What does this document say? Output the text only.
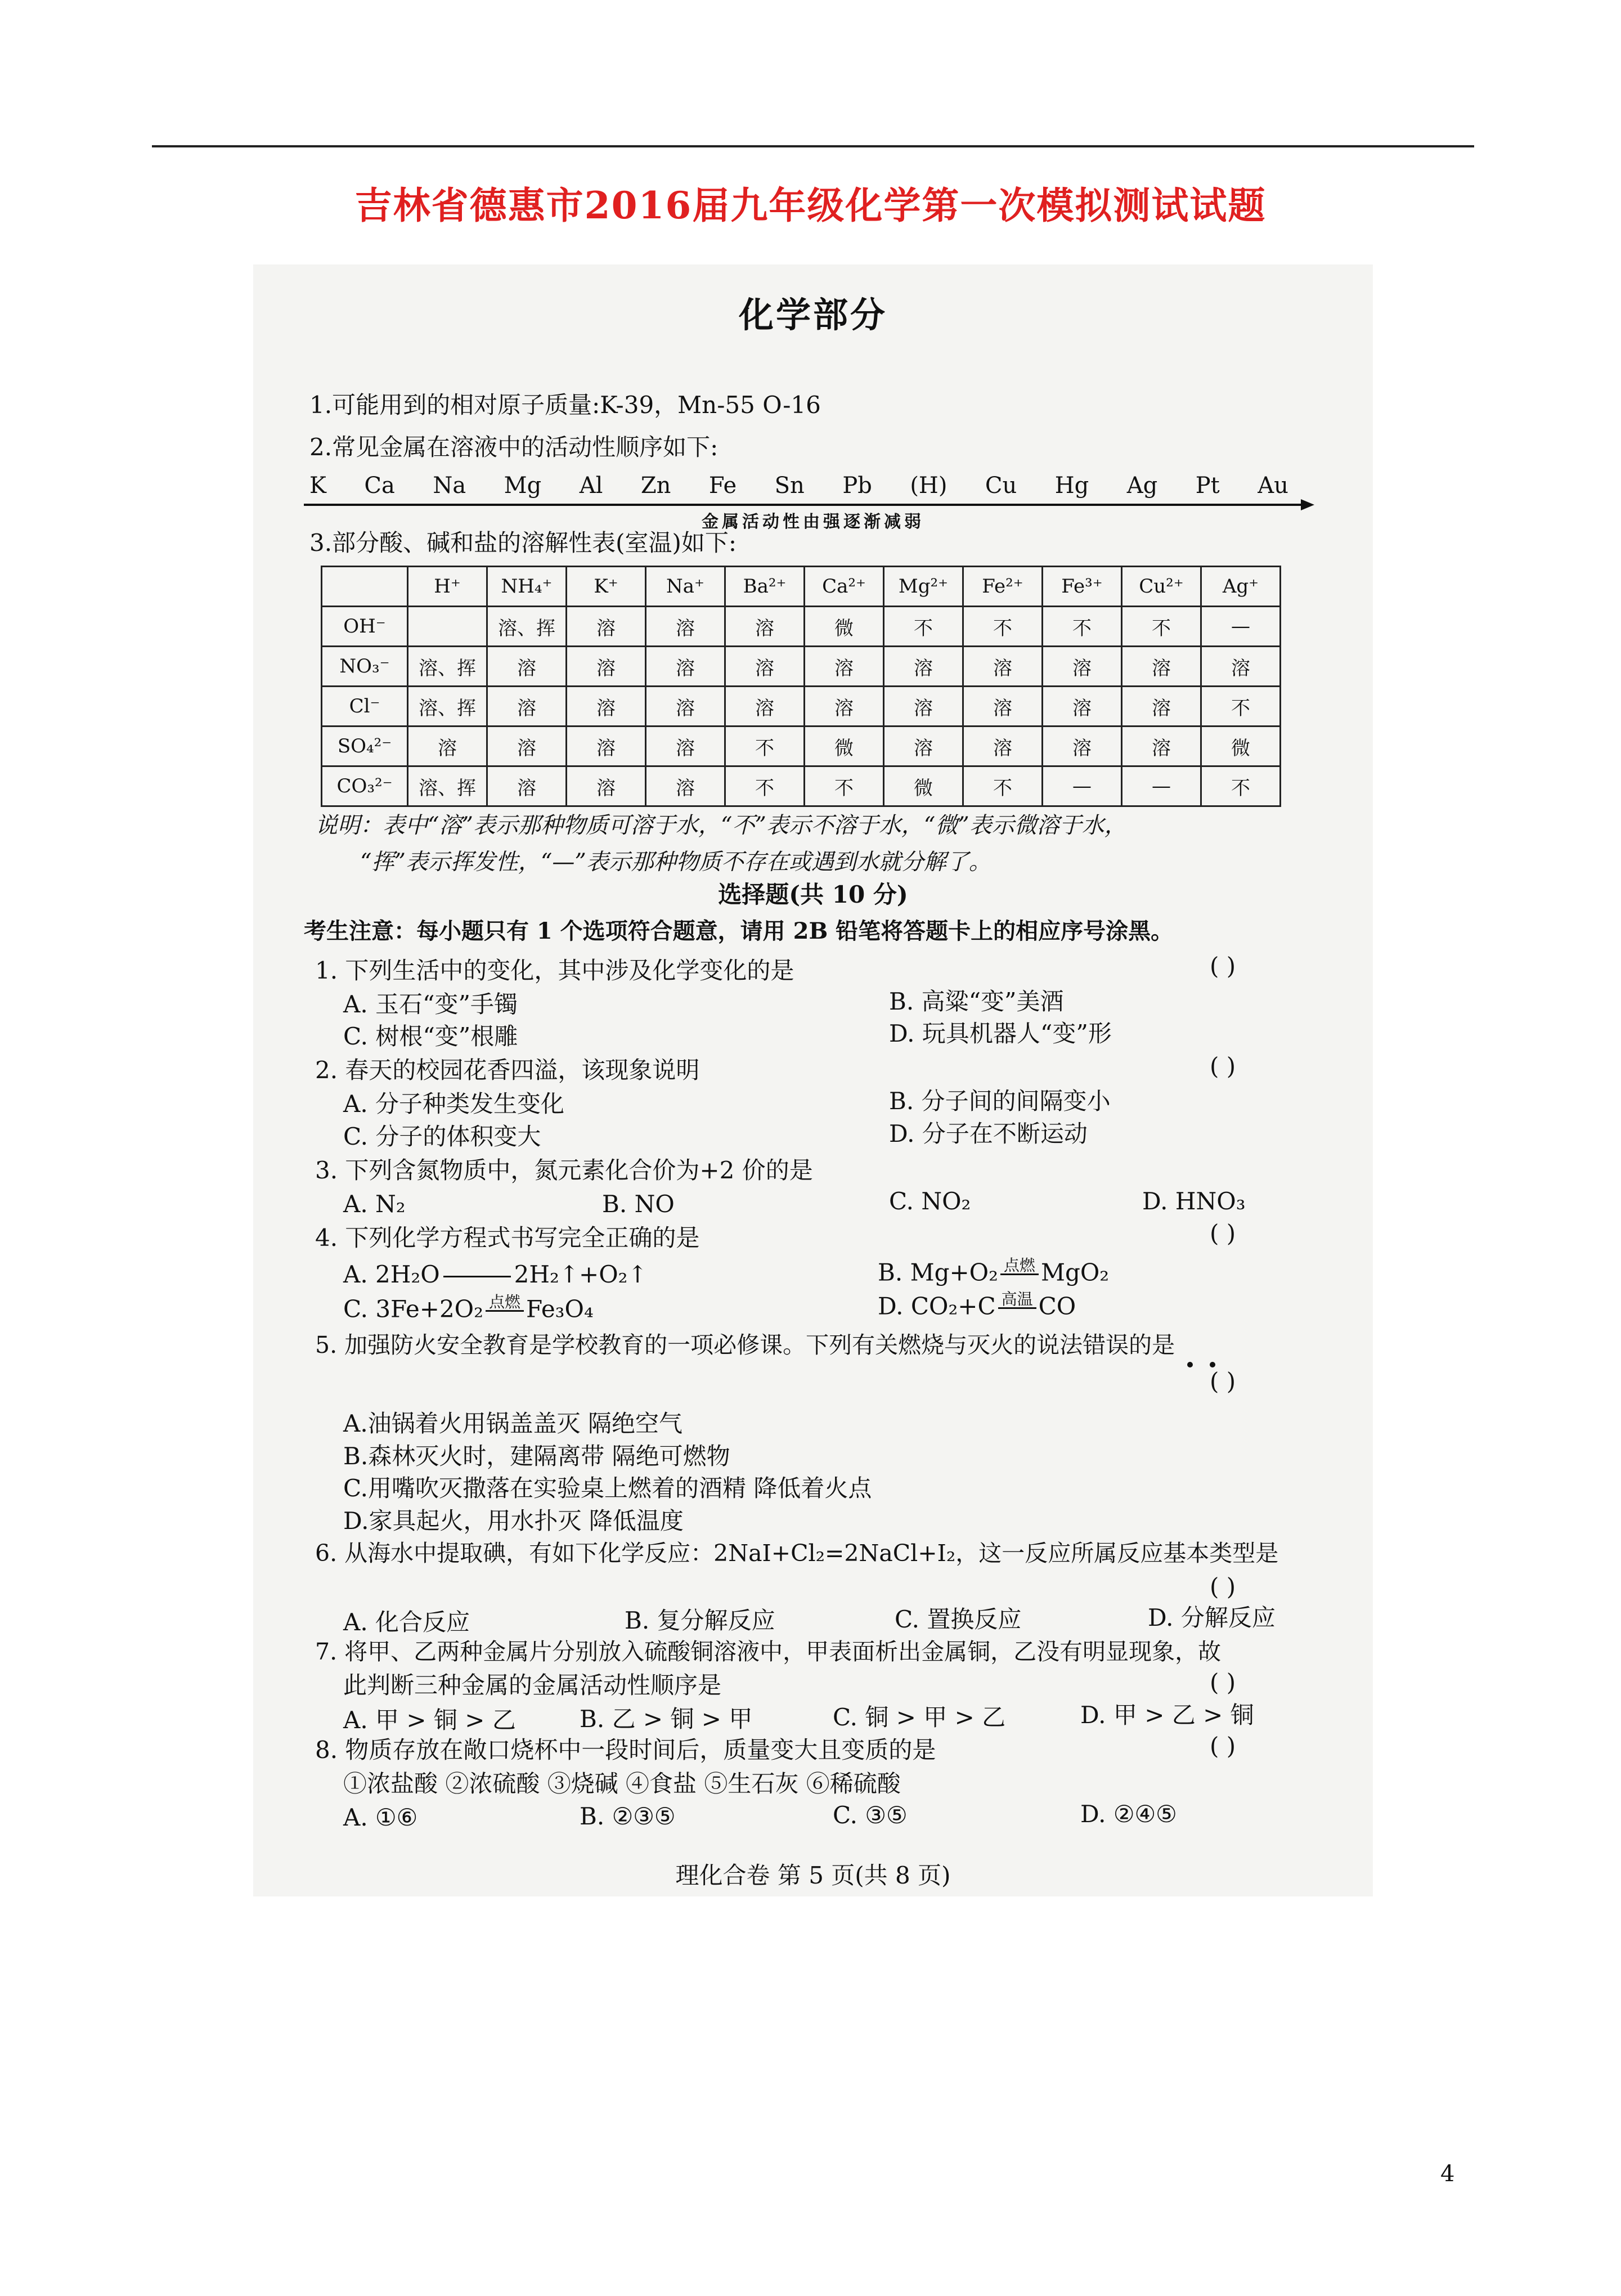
吉林省德惠市2016届九年级化学第一次模拟测试试题
化学部分
1.可能用到的相对原子质量:K-39，Mn-55 O-16
2.常见金属在溶液中的活动性顺序如下:
K Ca Na Mg Al Zn Fe Sn Pb (H) Cu Hg Ag Pt Au
金属活动性由强逐渐减弱
3.部分酸、碱和盐的溶解性表(室温)如下:
	H⁺	NH₄⁺	K⁺	Na⁺	Ba²⁺	Ca²⁺	Mg²⁺	Fe²⁺	Fe³⁺	Cu²⁺	Ag⁺
OH⁻		溶、挥	溶	溶	溶	微	不	不	不	不	—
NO₃⁻	溶、挥	溶	溶	溶	溶	溶	溶	溶	溶	溶	溶
Cl⁻	溶、挥	溶	溶	溶	溶	溶	溶	溶	溶	溶	不
SO₄²⁻	溶	溶	溶	溶	不	微	溶	溶	溶	溶	微
CO₃²⁻	溶、挥	溶	溶	溶	不	不	微	不	—	—	不
说明：表中“溶”表示那种物质可溶于水，“不”表示不溶于水，“微”表示微溶于水，
“挥”表示挥发性，“—”表示那种物质不存在或遇到水就分解了。
选择题(共 10 分)
考生注意：每小题只有 1 个选项符合题意，请用 2B 铅笔将答题卡上的相应序号涂黑。
1. 下列生活中的变化，其中涉及化学变化的是	( )
A. 玉石“变”手镯	B. 高粱“变”美酒
C. 树根“变”根雕	D. 玩具机器人“变”形
2. 春天的校园花香四溢，该现象说明	( )
A. 分子种类发生变化	B. 分子间的间隔变小
C. 分子的体积变大	D. 分子在不断运动
3. 下列含氮物质中，氮元素化合价为+2 价的是
A. N₂	B. NO	C. NO₂	D. HNO₃
4. 下列化学方程式书写完全正确的是	( )
A. 2H₂O	2H₂↑+O₂↑	B. Mg+O₂ 点燃 MgO₂
C. 3Fe+2O₂ 点燃 Fe₃O₄	D. CO₂+C 高温 CO
5. 加强防火安全教育是学校教育的一项必修课。下列有关燃烧与灭火的说法错误的是
( )
A.油锅着火用锅盖盖灭 隔绝空气
B.森林灭火时，建隔离带 隔绝可燃物
C.用嘴吹灭撒落在实验桌上燃着的酒精 降低着火点
D.家具起火，用水扑灭 降低温度
6. 从海水中提取碘，有如下化学反应：2NaI+Cl₂=2NaCl+I₂，这一反应所属反应基本类型是
( )
A. 化合反应	B. 复分解反应	C. 置换反应	D. 分解反应
7. 将甲、乙两种金属片分别放入硫酸铜溶液中，甲表面析出金属铜，乙没有明显现象，故
此判断三种金属的金属活动性顺序是	( )
A. 甲 > 铜 > 乙	B. 乙 > 铜 > 甲	C. 铜 > 甲 > 乙	D. 甲 > 乙 > 铜
8. 物质存放在敞口烧杯中一段时间后，质量变大且变质的是	( )
①浓盐酸 ②浓硫酸 ③烧碱 ④食盐 ⑤生石灰 ⑥稀硫酸
A. ①⑥	B. ②③⑤	C. ③⑤	D. ②④⑤
理化合卷 第 5 页(共 8 页)
4
